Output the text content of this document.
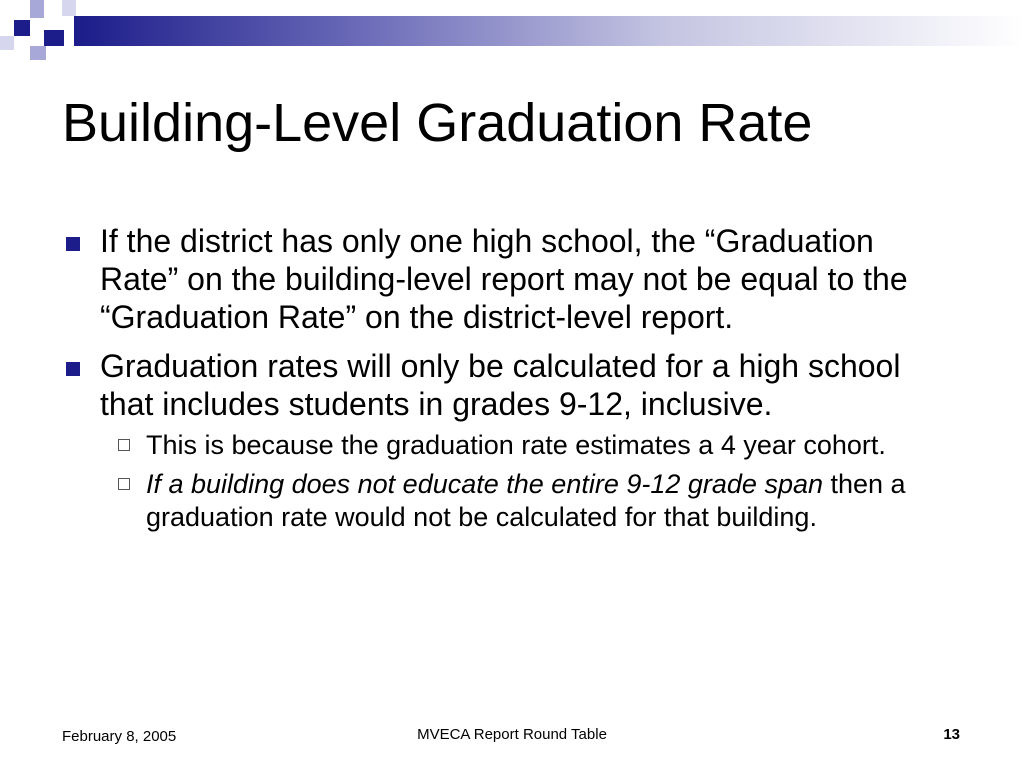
Building-Level Graduation Rate
If the district has only one high school, the “Graduation Rate” on the building-level report may not be equal to the “Graduation Rate” on the district-level report.
Graduation rates will only be calculated for a high school that includes students in grades 9-12, inclusive.
This is because the graduation rate estimates a 4 year cohort.
If a building does not educate the entire 9-12 grade span then a graduation rate would not be calculated for that building.
February 8, 2005	MVECA Report Round Table	13
